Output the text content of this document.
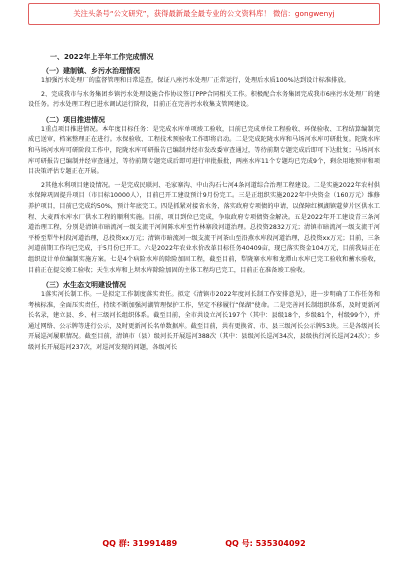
关注头条号“公文研究”，获得最新最全最专业的公文资料库！ 微信：gongwenyj
一、2022年上半年工作完成情况
（一）建制镇、乡污水治理情况

1加强污水处理厂的监督管理和日常巡查，保证八座污水处理厂正常运行，处理后水质100%达到设计标准排放。

2、完成我市与水务集团乡镇污水处理设施合作协议签订PPP合同相关工作。积极配合水务集团完成我市6座污水处理厂的建设任务。污水处理工程已进水调试运行阶段，目前正在完善污水收集支管网建设。

（二）项目推进情况

1重点项目推进情况。本年度目标任务：是完成水库单项竣工验收，目前已完成单位工程验收、环保验收、工程结算编制完成已送审，档案整理正在进行。水保验收、工程技术预验收工作即将启动。二是完成陀陇水库和马场河水库可研批复。陀陇水库和马场河水库可研阶段工作中，陀陇水库可研报告已编制并经市发改委审查通过，等待前期专题完成后即可下达批复；马场河水库可研报告已编制并经审查通过，等待前期专题完成后即可进行审批报批，两座水库11个专题均已完成9个，剩余用地预审和项目决策评估专题正在开展。

2其他水利项目建设情况。一是完成民联河、毛家寨沟、中山沟石七河4条河道综合治理工程建设。二是实施2022年农村供水保障巩固提升项目（市目标10000人），目前已开工建设预计9月份完工。三是正组织实施2022年中央资金（160万元）维修养护项目，目前已完成约50%，预计年底完工。四是抓紧对接省水务，落实政府专项债的申请，以保障红枫湖镇蔻萝片区供水工程、大麦西水库水厂供水工程的顺利实施。目前，项目到位已完成，争取政府专项债资金解决。五是2022年开工建设青三条河道治理工程，分别是清镇市暗流河一级支流干河间陈水库至竹林寨段河道治理。总投资2832万元；清镇市暗流河一级支流干河平桥至犁牛村段河道治理，总投资xx万元；清镇市暗流河一级支流干河茶山至沿燕水库段河道治理，总投资xx万元；目前，三条河道前期工作均已完成，于5月份已开工。六是2022年农业水价改革目标任务40409亩，现已落实资金104万元，目前我局正在组织设计单位编制实施方案。七是4个病险水库的除险加固工程，截至目前，犁陇寨水库和龙潭山水库已完工验收和蓄水验收，目前正在提交竣工验收；天生水库和上坝水库除险加固的主体工程均已完工，目前正在准备竣工验收。

（三）水生态文明建设情况

1落实河长制工作。一是拟定工作制度落实责任。拟定《清镇市2022年度河长制工作安排意见》，进一步明确了工作任务和考核标准，全面压实责任，持续不断加强河湖管理保护工作，坚定不移履行“保湖”使命。二是完善河长制组织体系，及时更新河长名录，建立县、乡、村三级河长组织体系。截至目前，全市共设立河长197个（其中：县级18个，乡级81个，村级99个），并通过网络、公示牌等进行公示，及时更新河长名单数据库。截至目前，共有更换省、市、县三级河长公示牌53块。三是各级河长开展巡河履职情况。截至目前，清镇市（县）级河长开展巡河388次（其中：县级河长巡河34次，县级执行河长巡河24次）；乡级河长开展巡河237次，对巡河发现的问题，各级河长

QQ 群: 31991489	QQ 号: 535304092
